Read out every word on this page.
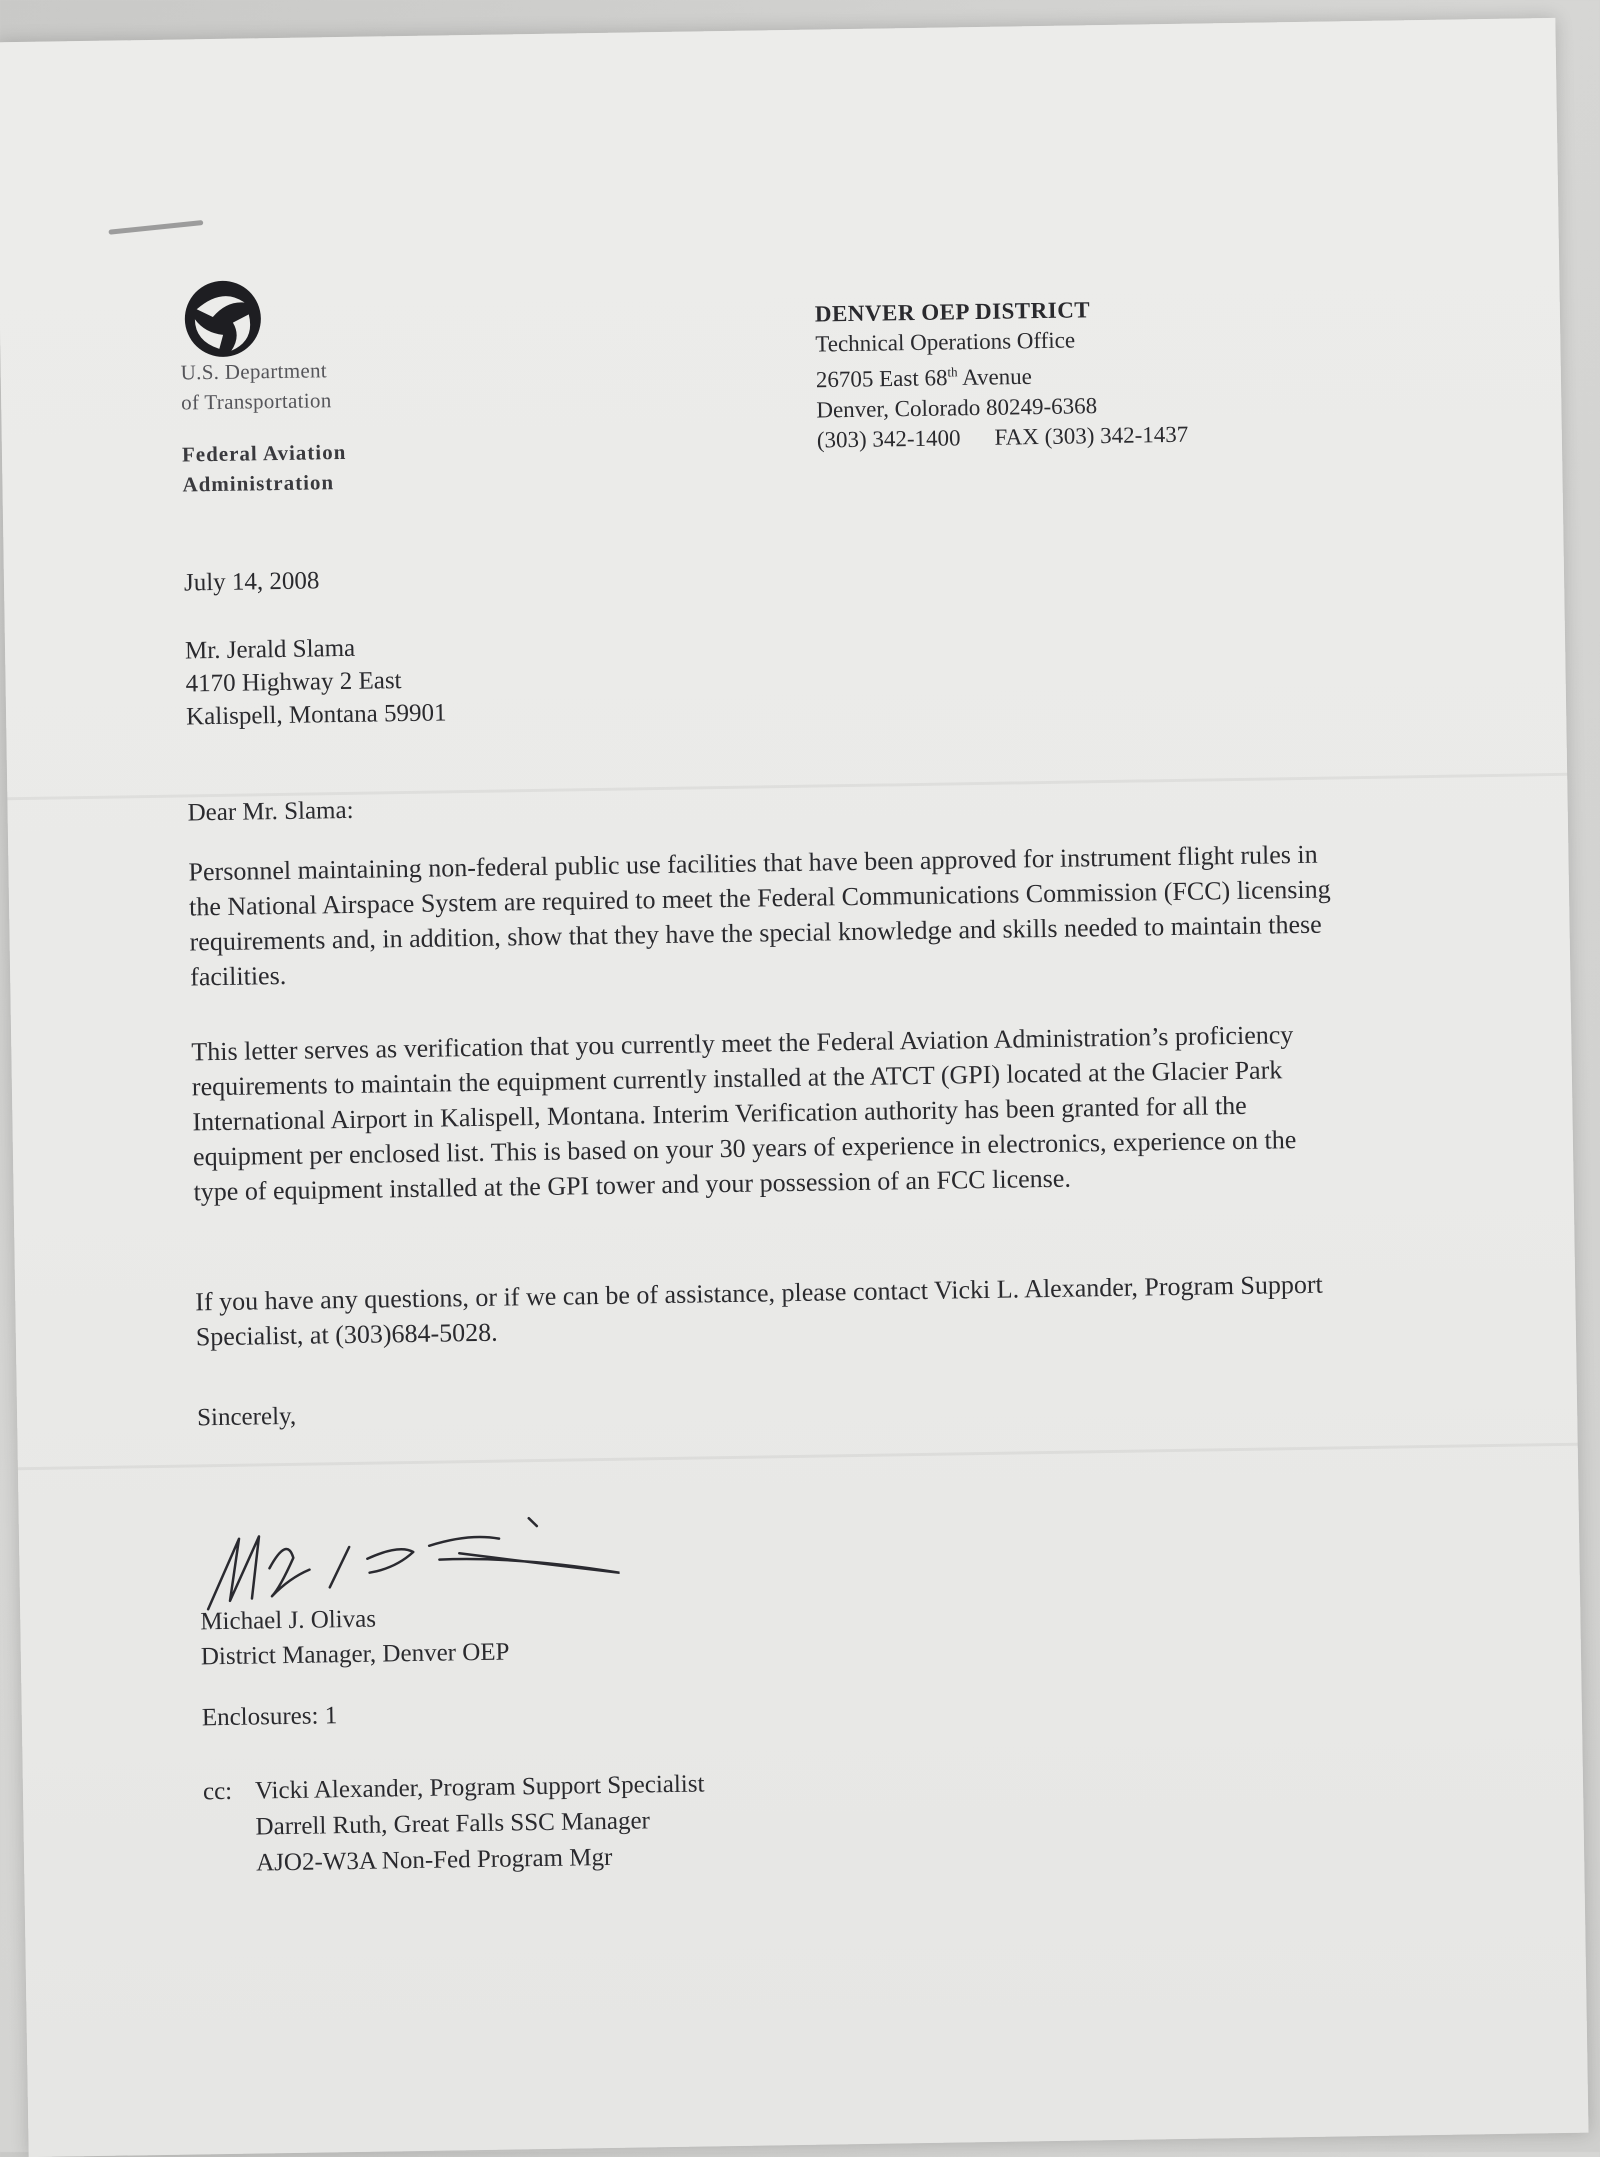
U.S. Department
of Transportation
Federal Aviation
Administration
DENVER OEP DISTRICT
Technical Operations Office
26705 East 68th Avenue
Denver, Colorado 80249-6368
(303) 342-1400 FAX (303) 342-1437
July 14, 2008
Mr. Jerald Slama
4170 Highway 2 East
Kalispell, Montana 59901
Dear Mr. Slama:
Personnel maintaining non-federal public use facilities that have been approved for instrument flight rules in the National Airspace System are required to meet the Federal Communications Commission (FCC) licensing requirements and, in addition, show that they have the special knowledge and skills needed to maintain these facilities.
This letter serves as verification that you currently meet the Federal Aviation Administration’s proficiency requirements to maintain the equipment currently installed at the ATCT (GPI) located at the Glacier Park International Airport in Kalispell, Montana. Interim Verification authority has been granted for all the equipment per enclosed list. This is based on your 30 years of experience in electronics, experience on the type of equipment installed at the GPI tower and your possession of an FCC license.
If you have any questions, or if we can be of assistance, please contact Vicki L. Alexander, Program Support Specialist, at (303)684-5028.
Sincerely,
Michael J. Olivas
District Manager, Denver OEP
Enclosures: 1
cc: Vicki Alexander, Program Support Specialist
Darrell Ruth, Great Falls SSC Manager
AJO2-W3A Non-Fed Program Mgr
